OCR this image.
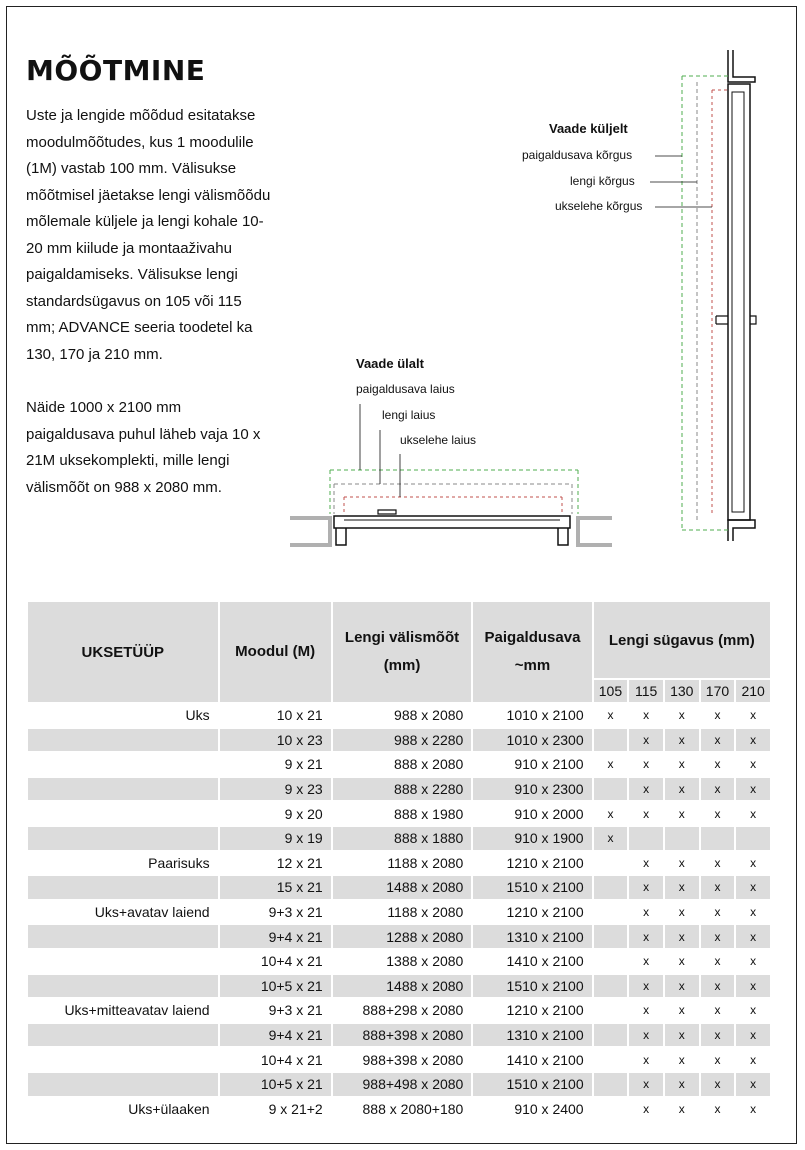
MÕÕTMINE

Uste ja lengide mõõdud esitatakse moodulmõõtudes, kus 1 moodulile (1M) vastab 100 mm. Välisukse mõõtmisel jäetakse lengi välismõõdu mõlemale küljele ja lengi kohale 10-20 mm kiilude ja montaaživahu paigaldamiseks. Välisukse lengi standardsügavus on 105 või 115 mm; ADVANCE seeria toodetel ka 130, 170 ja 210 mm.

Näide 1000 x 2100 mm paigaldusava puhul läheb vaja 10 x 21M uksekomplekti, mille lengi välismõõt on 988 x 2080 mm.

Vaade küljelt
paigaldusava kõrgus
lengi kõrgus
ukselehe kõrgus
Vaade ülalt
paigaldusava laius
lengi laius
ukselehe laius
UKSETÜÜP	Moodul (M)	Lengi välismõõt (mm)	Paigaldusava ~mm	Lengi sügavus (mm)				
				105	115	130	170	210
Uks	10 x 21	988 x 2080	1010 x 2100	x	x	x	x	x
	10 x 23	988 x 2280	1010 x 2300		x	x	x	x
	9 x 21	888 x 2080	910 x 2100	x	x	x	x	x
	9 x 23	888 x 2280	910 x 2300		x	x	x	x
	9 x 20	888 x 1980	910 x 2000	x	x	x	x	x
	9 x 19	888 x 1880	910 x 1900	x				
Paarisuks	12 x 21	1188 x 2080	1210 x 2100		x	x	x	x
	15 x 21	1488 x 2080	1510 x 2100		x	x	x	x
Uks+avatav laiend	9+3 x 21	1188 x 2080	1210 x 2100		x	x	x	x
	9+4 x 21	1288 x 2080	1310 x 2100		x	x	x	x
	10+4 x 21	1388 x 2080	1410 x 2100		x	x	x	x
	10+5 x 21	1488 x 2080	1510 x 2100		x	x	x	x
Uks+mitteavatav laiend	9+3 x 21	888+298 x 2080	1210 x 2100		x	x	x	x
	9+4 x 21	888+398 x 2080	1310 x 2100		x	x	x	x
	10+4 x 21	988+398 x 2080	1410 x 2100		x	x	x	x
	10+5 x 21	988+498 x 2080	1510 x 2100		x	x	x	x
Uks+ülaaken	9 x 21+2	888 x 2080+180	910 x 2400		x	x	x	x
